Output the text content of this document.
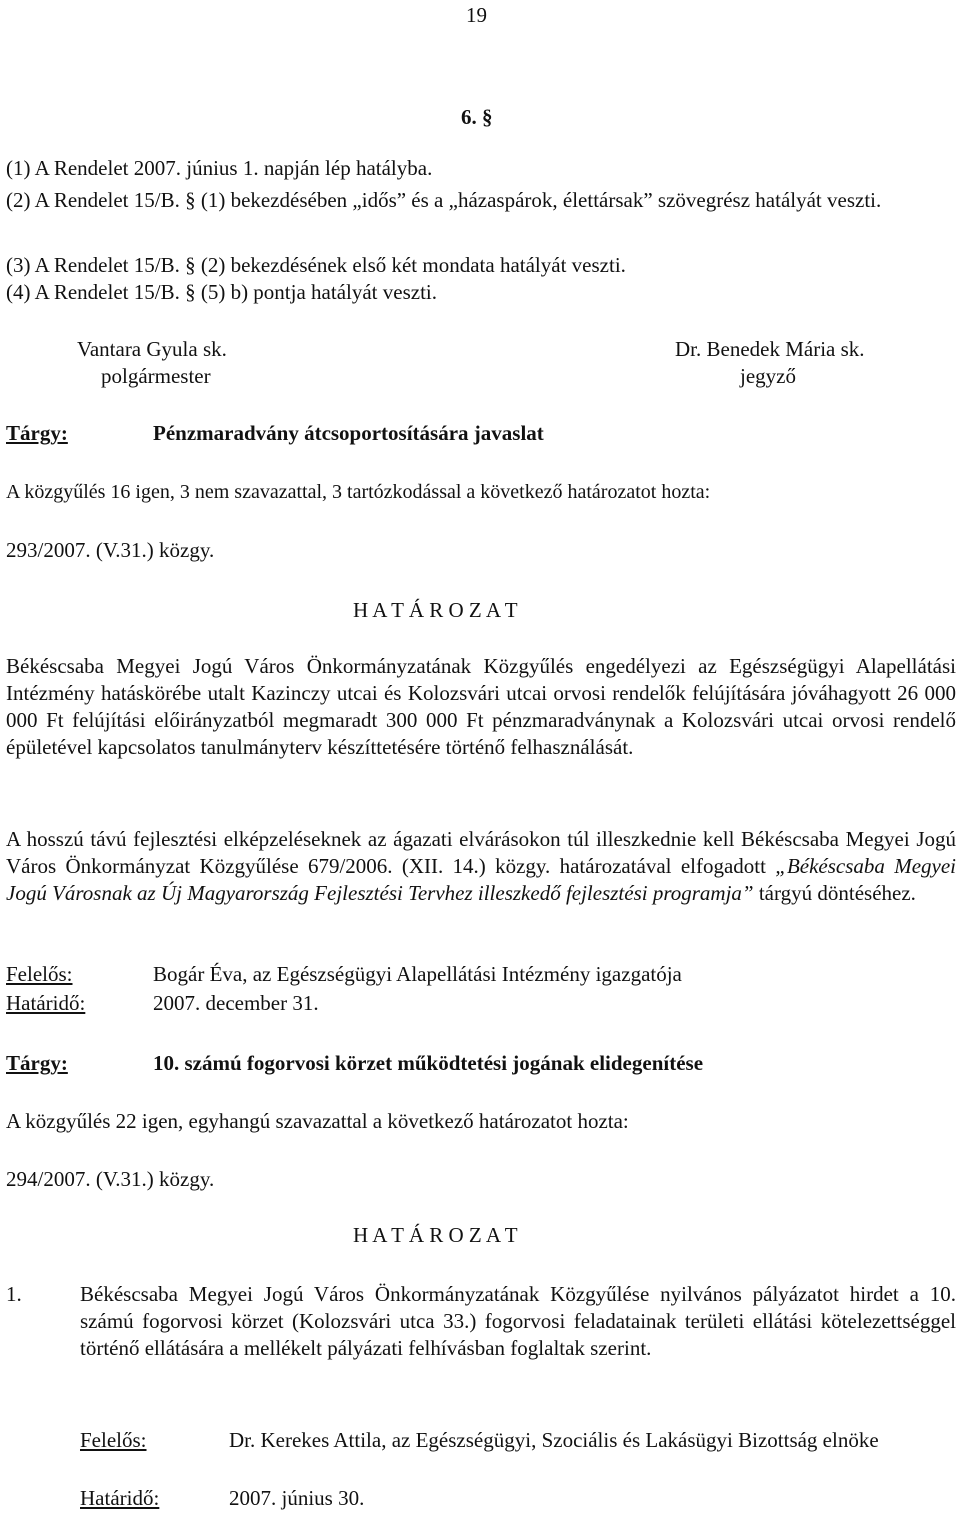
19
6. §
(1) A Rendelet 2007. június 1. napján lép hatályba.
(2) A Rendelet 15/B. § (1) bekezdésében „idős” és a „házaspárok, élettársak” szövegrész hatályát veszti.
(3) A Rendelet 15/B. § (2) bekezdésének első két mondata hatályát veszti.
(4) A Rendelet 15/B. § (5) b) pontja hatályát veszti.
Vantara Gyula sk.
polgármester
Dr. Benedek Mária sk.
jegyző
Tárgy:	Pénzmaradvány átcsoportosítására javaslat
A közgyűlés 16 igen, 3 nem szavazattal, 3 tartózkodással a következő határozatot hozta:
293/2007. (V.31.) közgy.
H A T Á R O Z A T
Békéscsaba Megyei Jogú Város Önkormányzatának Közgyűlés engedélyezi az Egészségügyi Alapellátási Intézmény hatáskörébe utalt Kazinczy utcai és Kolozsvári utcai orvosi rendelők felújítására jóváhagyott 26 000 000 Ft felújítási előirányzatból megmaradt 300 000 Ft pénzmaradványnak a Kolozsvári utcai orvosi rendelő épületével kapcsolatos tanulmányterv készíttetésére történő felhasználását.
A hosszú távú fejlesztési elképzeléseknek az ágazati elvárásokon túl illeszkednie kell Békéscsaba Megyei Jogú Város Önkormányzat Közgyűlése 679/2006. (XII. 14.) közgy. határozatával elfogadott „Békéscsaba Megyei Jogú Városnak az Új Magyarország Fejlesztési Tervhez illeszkedő fejlesztési programja” tárgyú döntéséhez.
Felelős:	Bogár Éva, az Egészségügyi Alapellátási Intézmény igazgatója
Határidő:	2007. december 31.
Tárgy:	10. számú fogorvosi körzet működtetési jogának elidegenítése
A közgyűlés 22 igen, egyhangú szavazattal a következő határozatot hozta:
294/2007. (V.31.) közgy.
H A T Á R O Z A T
1.	Békéscsaba Megyei Jogú Város Önkormányzatának Közgyűlése nyilvános pályázatot hirdet a 10. számú fogorvosi körzet (Kolozsvári utca 33.) fogorvosi feladatainak területi ellátási kötelezettséggel történő ellátására a mellékelt pályázati felhívásban foglaltak szerint.
Felelős:	Dr. Kerekes Attila, az Egészségügyi, Szociális és Lakásügyi Bizottság elnöke
Határidő:	2007. június 30.
